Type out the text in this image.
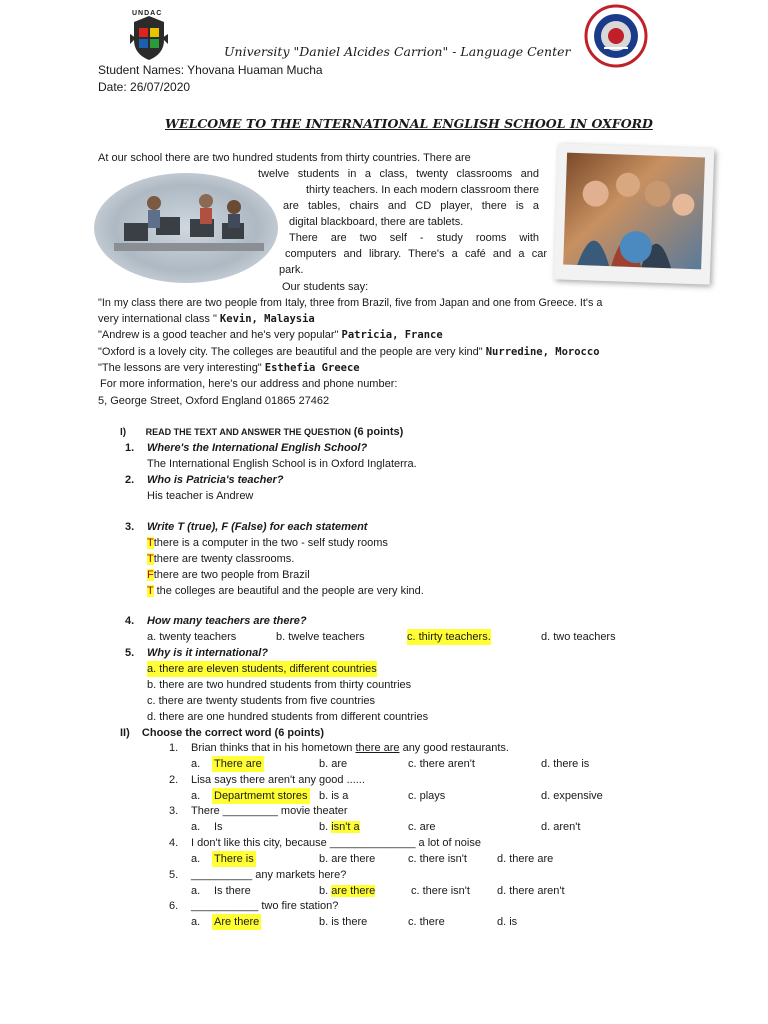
UNDAC
University "Daniel Alcides Carrion" - Language Center
Student Names: Yhovana Huaman Mucha
Date: 26/07/2020
WELCOME TO THE INTERNATIONAL ENGLISH SCHOOL IN OXFORD
At our school there are two hundred students from thirty countries. There are
twelve students in a class, twenty classrooms and
thirty teachers. In each modern classroom there
are tables, chairs and CD player, there is a
digital blackboard, there are tablets.
There are two self - study rooms with
computers and library. There's a café and a car
park.
Our students say:
"In my class there are two people from Italy, three from Brazil, five from Japan and one from Greece. It's a
very international class " Kevin, Malaysia
"Andrew is a good teacher and he's very popular" Patricia, France
"Oxford is a lovely city. The colleges are beautiful and the people are very kind" Nurredine, Morocco
"The lessons are very interesting" Esthefia Greece
For more information, here's our address and phone number:
5, George Street, Oxford England 01865 27462
I) READ THE TEXT AND ANSWER THE QUESTION (6 points)
1. Where's the International English School?
The International English School is in Oxford Inglaterra.
2. Who is Patricia's teacher?
His teacher is Andrew
3. Write T (true), F (False) for each statement
Tthere is a computer in the two - self study rooms
Tthere are twenty classrooms.
Fthere are two people from Brazil
T the colleges are beautiful and the people are very kind.
4. How many teachers are there?
a. twenty teachers	b. twelve teachers	c. thirty teachers.	d. two teachers
5. Why is it international?
a. there are eleven students, different countries
b. there are two hundred students from thirty countries
c. there are twenty students from five countries
d. there are one hundred students from different countries
II) Choose the correct word (6 points)
1. Brian thinks that in his hometown there are any good restaurants.
a. There are	b. are	c. there aren't	d. there is
2. Lisa says there aren't any good ......
a. Departmemt stores b. is a	c. plays	d. expensive
3. There _________ movie theater
a. Is	b. isn't a	c. are	d. aren't
4. I don't like this city, because ______________ a lot of noise
a. There is	b. are there	c. there isn't	d. there are
5. __________ any markets here?
a. Is there	b. are there	c. there isn't d. there aren't
6. ___________ two fire station?
a. Are there	b. is there	c. there	d. is
